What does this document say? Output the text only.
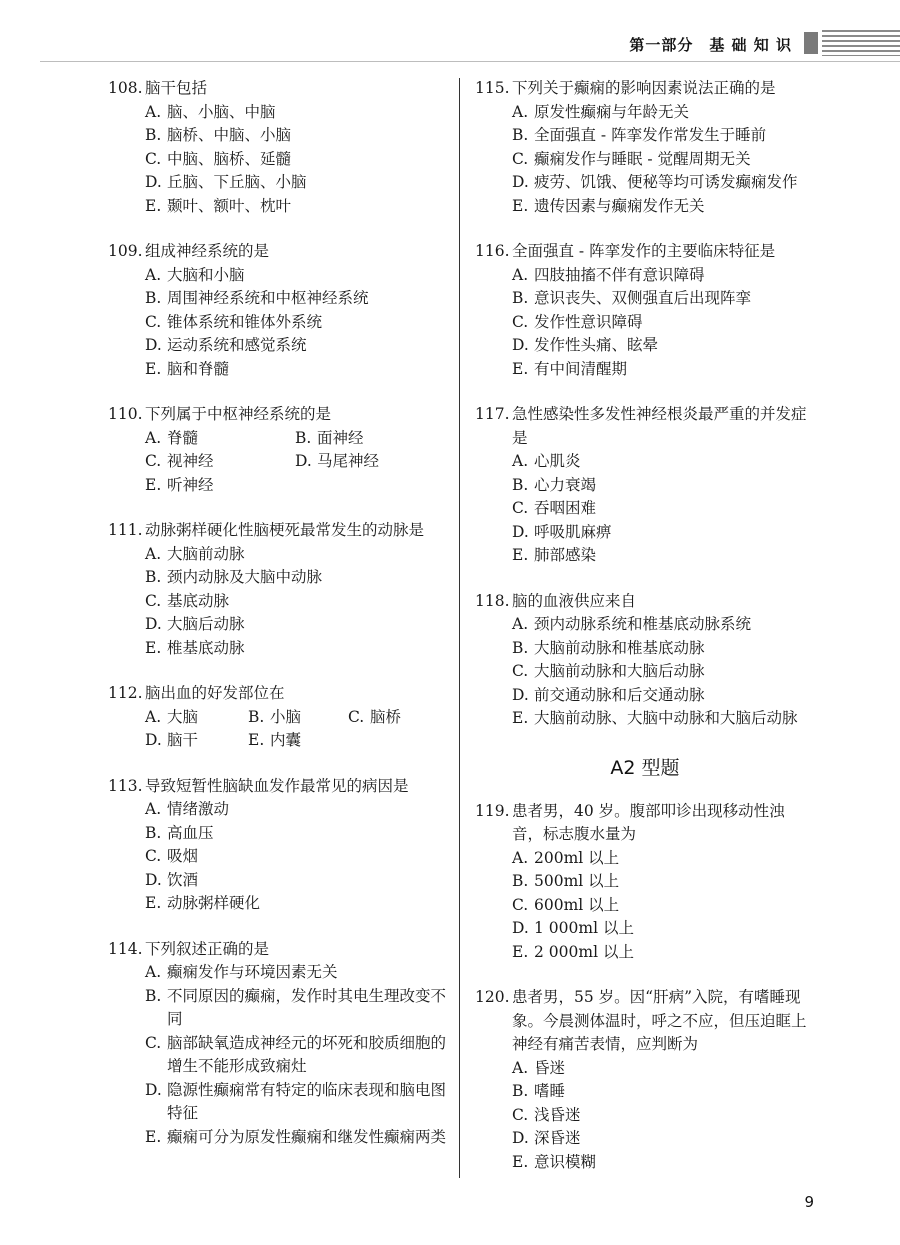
第一部分　基 础 知 识
108. 脑干包括
A. 脑、小脑、中脑
B. 脑桥、中脑、小脑
C. 中脑、脑桥、延髓
D. 丘脑、下丘脑、小脑
E. 颞叶、额叶、枕叶
109. 组成神经系统的是
A. 大脑和小脑
B. 周围神经系统和中枢神经系统
C. 锥体系统和锥体外系统
D. 运动系统和感觉系统
E. 脑和脊髓
110. 下列属于中枢神经系统的是
A. 脊髓	B. 面神经
C. 视神经	D. 马尾神经
E. 听神经
111. 动脉粥样硬化性脑梗死最常发生的动脉是
A. 大脑前动脉
B. 颈内动脉及大脑中动脉
C. 基底动脉
D. 大脑后动脉
E. 椎基底动脉
112. 脑出血的好发部位在
A. 大脑	B. 小脑	C. 脑桥
D. 脑干	E. 内囊
113. 导致短暂性脑缺血发作最常见的病因是
A. 情绪激动
B. 高血压
C. 吸烟
D. 饮酒
E. 动脉粥样硬化
114. 下列叙述正确的是
A. 癫痫发作与环境因素无关
B. 不同原因的癫痫，发作时其电生理改变不同
C. 脑部缺氧造成神经元的坏死和胶质细胞的增生不能形成致痫灶
D. 隐源性癫痫常有特定的临床表现和脑电图特征
E. 癫痫可分为原发性癫痫和继发性癫痫两类
115. 下列关于癫痫的影响因素说法正确的是
A. 原发性癫痫与年龄无关
B. 全面强直 - 阵挛发作常发生于睡前
C. 癫痫发作与睡眠 - 觉醒周期无关
D. 疲劳、饥饿、便秘等均可诱发癫痫发作
E. 遗传因素与癫痫发作无关
116. 全面强直 - 阵挛发作的主要临床特征是
A. 四肢抽搐不伴有意识障碍
B. 意识丧失、双侧强直后出现阵挛
C. 发作性意识障碍
D. 发作性头痛、眩晕
E. 有中间清醒期
117. 急性感染性多发性神经根炎最严重的并发症是
A. 心肌炎
B. 心力衰竭
C. 吞咽困难
D. 呼吸肌麻痹
E. 肺部感染
118. 脑的血液供应来自
A. 颈内动脉系统和椎基底动脉系统
B. 大脑前动脉和椎基底动脉
C. 大脑前动脉和大脑后动脉
D. 前交通动脉和后交通动脉
E. 大脑前动脉、大脑中动脉和大脑后动脉
A2 型题
119. 患者男，40 岁。腹部叩诊出现移动性浊音，标志腹水量为
A. 200ml 以上
B. 500ml 以上
C. 600ml 以上
D. 1 000ml 以上
E. 2 000ml 以上
120. 患者男，55 岁。因“肝病”入院，有嗜睡现象。今晨测体温时，呼之不应，但压迫眶上神经有痛苦表情，应判断为
A. 昏迷
B. 嗜睡
C. 浅昏迷
D. 深昏迷
E. 意识模糊
9
